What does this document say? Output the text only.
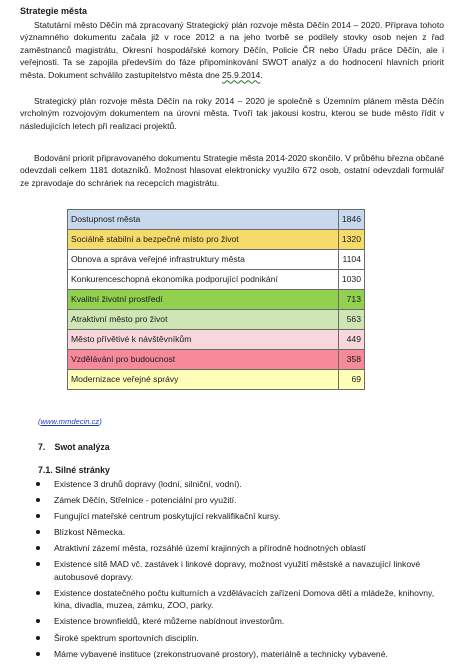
Strategie města

Statutární město Děčín má zpracovaný Strategický plán rozvoje města Děčín 2014 – 2020. Příprava tohoto významného dokumentu začala již v roce 2012 a na jeho tvorbě se podílely stovky osob nejen z řad zaměstnanců magistrátu, Okresní hospodářské komory Děčín, Policie ČR nebo Úřadu práce Děčín, ale i veřejnosti. Ta se zapojila především do fáze připomínkování SWOT analýz a do hodnocení hlavních priorit města. Dokument schválilo zastupitelstvo města dne 25.9.2014.

Strategický plán rozvoje města Děčín na roky 2014 – 2020 je společně s Územním plánem města Děčín vrcholným rozvojovým dokumentem na úrovni města. Tvoří tak jakousi kostru, kterou se bude město řídit v následujících letech při realizaci projektů.

Bodování priorit připravovaného dokumentu Strategie města 2014-2020 skončilo. V průběhu března občané odevzdali celkem 1181 dotazníků. Možnost hlasovat elektronicky využilo 672 osob, ostatní odevzdali formulář ze zpravodaje do schránek na recepcích magistrátu.

Dostupnost města	1846
Sociálně stabilní a bezpečné místo pro život	1320
Obnova a správa veřejné infrastruktury města	1104
Konkurenceschopná ekonomika podporující podnikání	1030
Kvalitní životní prostředí	713
Atraktivní město pro život	563
Město přívětivé k návštěvníkům	449
Vzdělávání pro budoucnost	358
Modernizace veřejné správy	69
(www.mmdecin.cz)
7. Swot analýza
7.1. Silné stránky
Existence 3 druhů dopravy (lodní, silniční, vodní).
Zámek Děčín, Střelnice - potenciální pro využití.
Fungující mateřské centrum poskytující rekvalifikační kursy.
Blízkost Německa.
Atraktivní zázemí města, rozsáhlé území krajinných a přírodně hodnotných oblastí
Existence sítě MAD vč. zastávek i linkové dopravy, možnost využití městské a navazující linkové autobusové dopravy.
Existence dostatečného počtu kulturních a vzdělávacích zařízení Domova dětí a mládeže, knihovny, kina, divadla, muzea, zámku, ZOO, parky.
Existence brownfieldů, které můžeme nabídnout investorům.
Široké spektrum sportovních disciplín.
Máme vybavené instituce (zrekonstruované prostory), materiálně a technicky vybavené.
